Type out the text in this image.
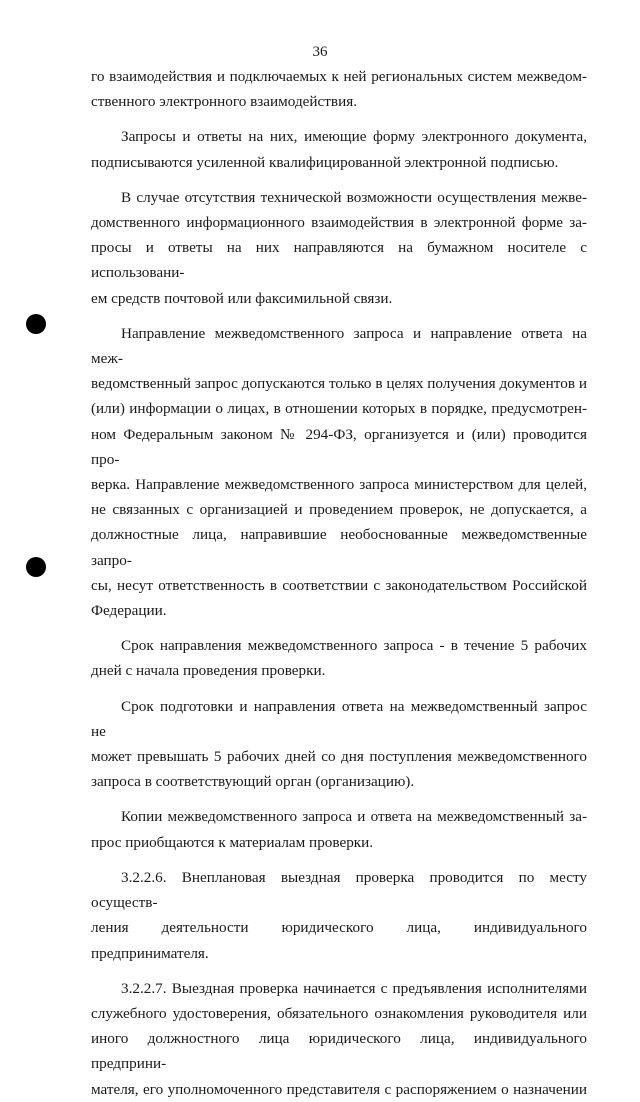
36

го взаимодействия и подключаемых к ней региональных систем межведом-
ственного электронного взаимодействия.

Запросы и ответы на них, имеющие форму электронного документа,
подписываются усиленной квалифицированной электронной подписью.

В случае отсутствия технической возможности осуществления межве-
домственного информационного взаимодействия в электронной форме за-
просы и ответы на них направляются на бумажном носителе с использовани-
ем средств почтовой или факсимильной связи.

Направление межведомственного запроса и направление ответа на меж-
ведомственный запрос допускаются только в целях получения документов и
(или) информации о лицах, в отношении которых в порядке, предусмотрен-
ном Федеральным законом № 294-ФЗ, организуется и (или) проводится про-
верка. Направление межведомственного запроса министерством для целей,
не связанных с организацией и проведением проверок, не допускается, а
должностные лица, направившие необоснованные межведомственные запро-
сы, несут ответственность в соответствии с законодательством Российской
Федерации.

Срок направления межведомственного запроса - в течение 5 рабочих
дней с начала проведения проверки.

Срок подготовки и направления ответа на межведомственный запрос не
может превышать 5 рабочих дней со дня поступления межведомственного
запроса в соответствующий орган (организацию).

Копии межведомственного запроса и ответа на межведомственный за-
прос приобщаются к материалам проверки.

3.2.2.6. Внеплановая выездная проверка проводится по месту осуществ-
ления деятельности юридического лица, индивидуального предпринимателя.

3.2.2.7. Выездная проверка начинается с предъявления исполнителями
служебного удостоверения, обязательного ознакомления руководителя или
иного должностного лица юридического лица, индивидуального предприни-
мателя, его уполномоченного представителя с распоряжением о назначении
